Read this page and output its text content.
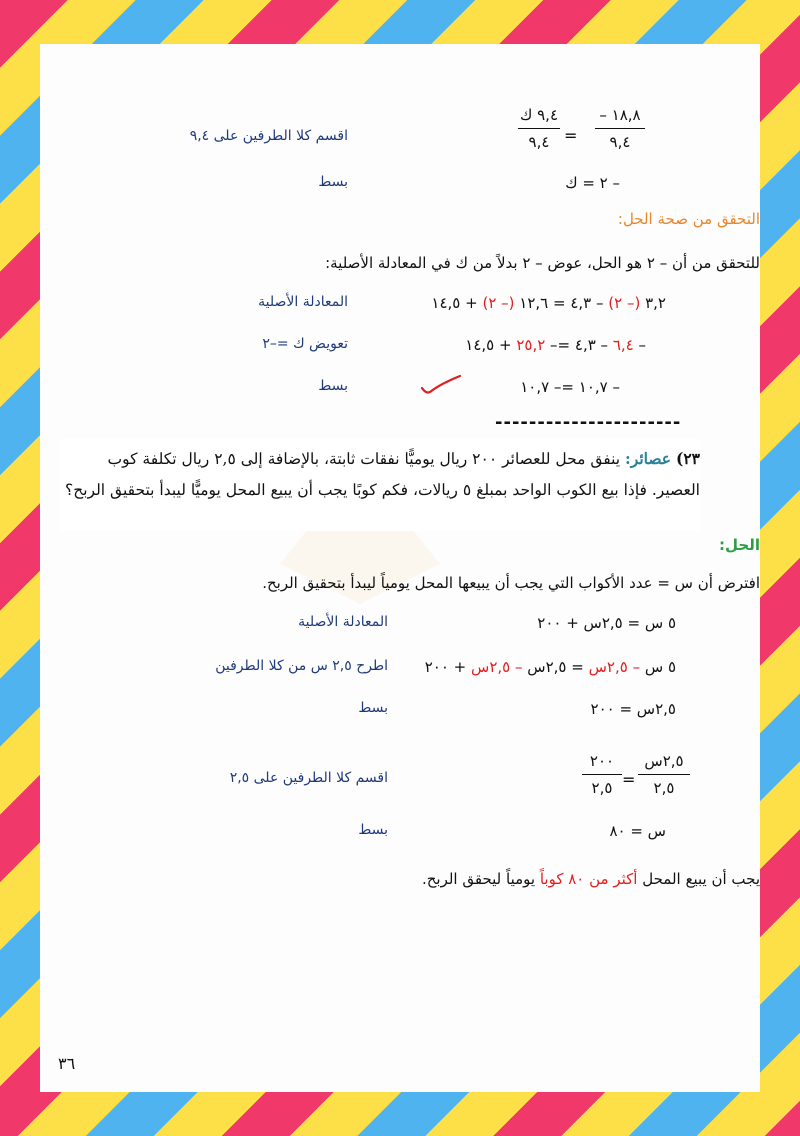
– ١٨,٨
٩,٤
=
٩,٤ ك
٩,٤
اقسم كلا الطرفين على ٩,٤
– ٢ = ك
بسط
التحقق من صحة الحل:
للتحقق من أن – ٢ هو الحل، عوض – ٢ بدلاً من ك في المعادلة الأصلية:
٣,٢ (– ٢) – ٤,٣ = ١٢,٦ (– ٢) + ١٤,٥
المعادلة الأصلية
– ٦,٤ – ٤,٣ =– ٢٥,٢ + ١٤,٥
تعويض ك =–٢
– ١٠,٧ =– ١٠,٧
بسط
----------------------
٢٣) عصائر: ينفق محل للعصائر ٢٠٠ ريال يوميًّا نفقات ثابتة، بالإضافة إلى ٢,٥ ريال تكلفة كوب العصير. فإذا بيع الكوب الواحد بمبلغ ٥ ريالات، فكم كوبًا يجب أن يبيع المحل يوميًّا ليبدأ بتحقيق الربح؟
الحل:
افترض أن س = عدد الأكواب التي يجب أن يبيعها المحل يومياً ليبدأ بتحقيق الربح.
٥ س = ٢,٥س + ٢٠٠
المعادلة الأصلية
٥ س – ٢,٥س = ٢,٥س – ٢,٥س + ٢٠٠
اطرح ٢,٥ س من كلا الطرفين
٢,٥س = ٢٠٠
بسط
٢,٥س
٢,٥
=
٢٠٠
٢,٥
اقسم كلا الطرفين على ٢,٥
س = ٨٠
بسط
يجب أن يبيع المحل أكثر من ٨٠ كوباً يومياً ليحقق الربح.
٣٦
